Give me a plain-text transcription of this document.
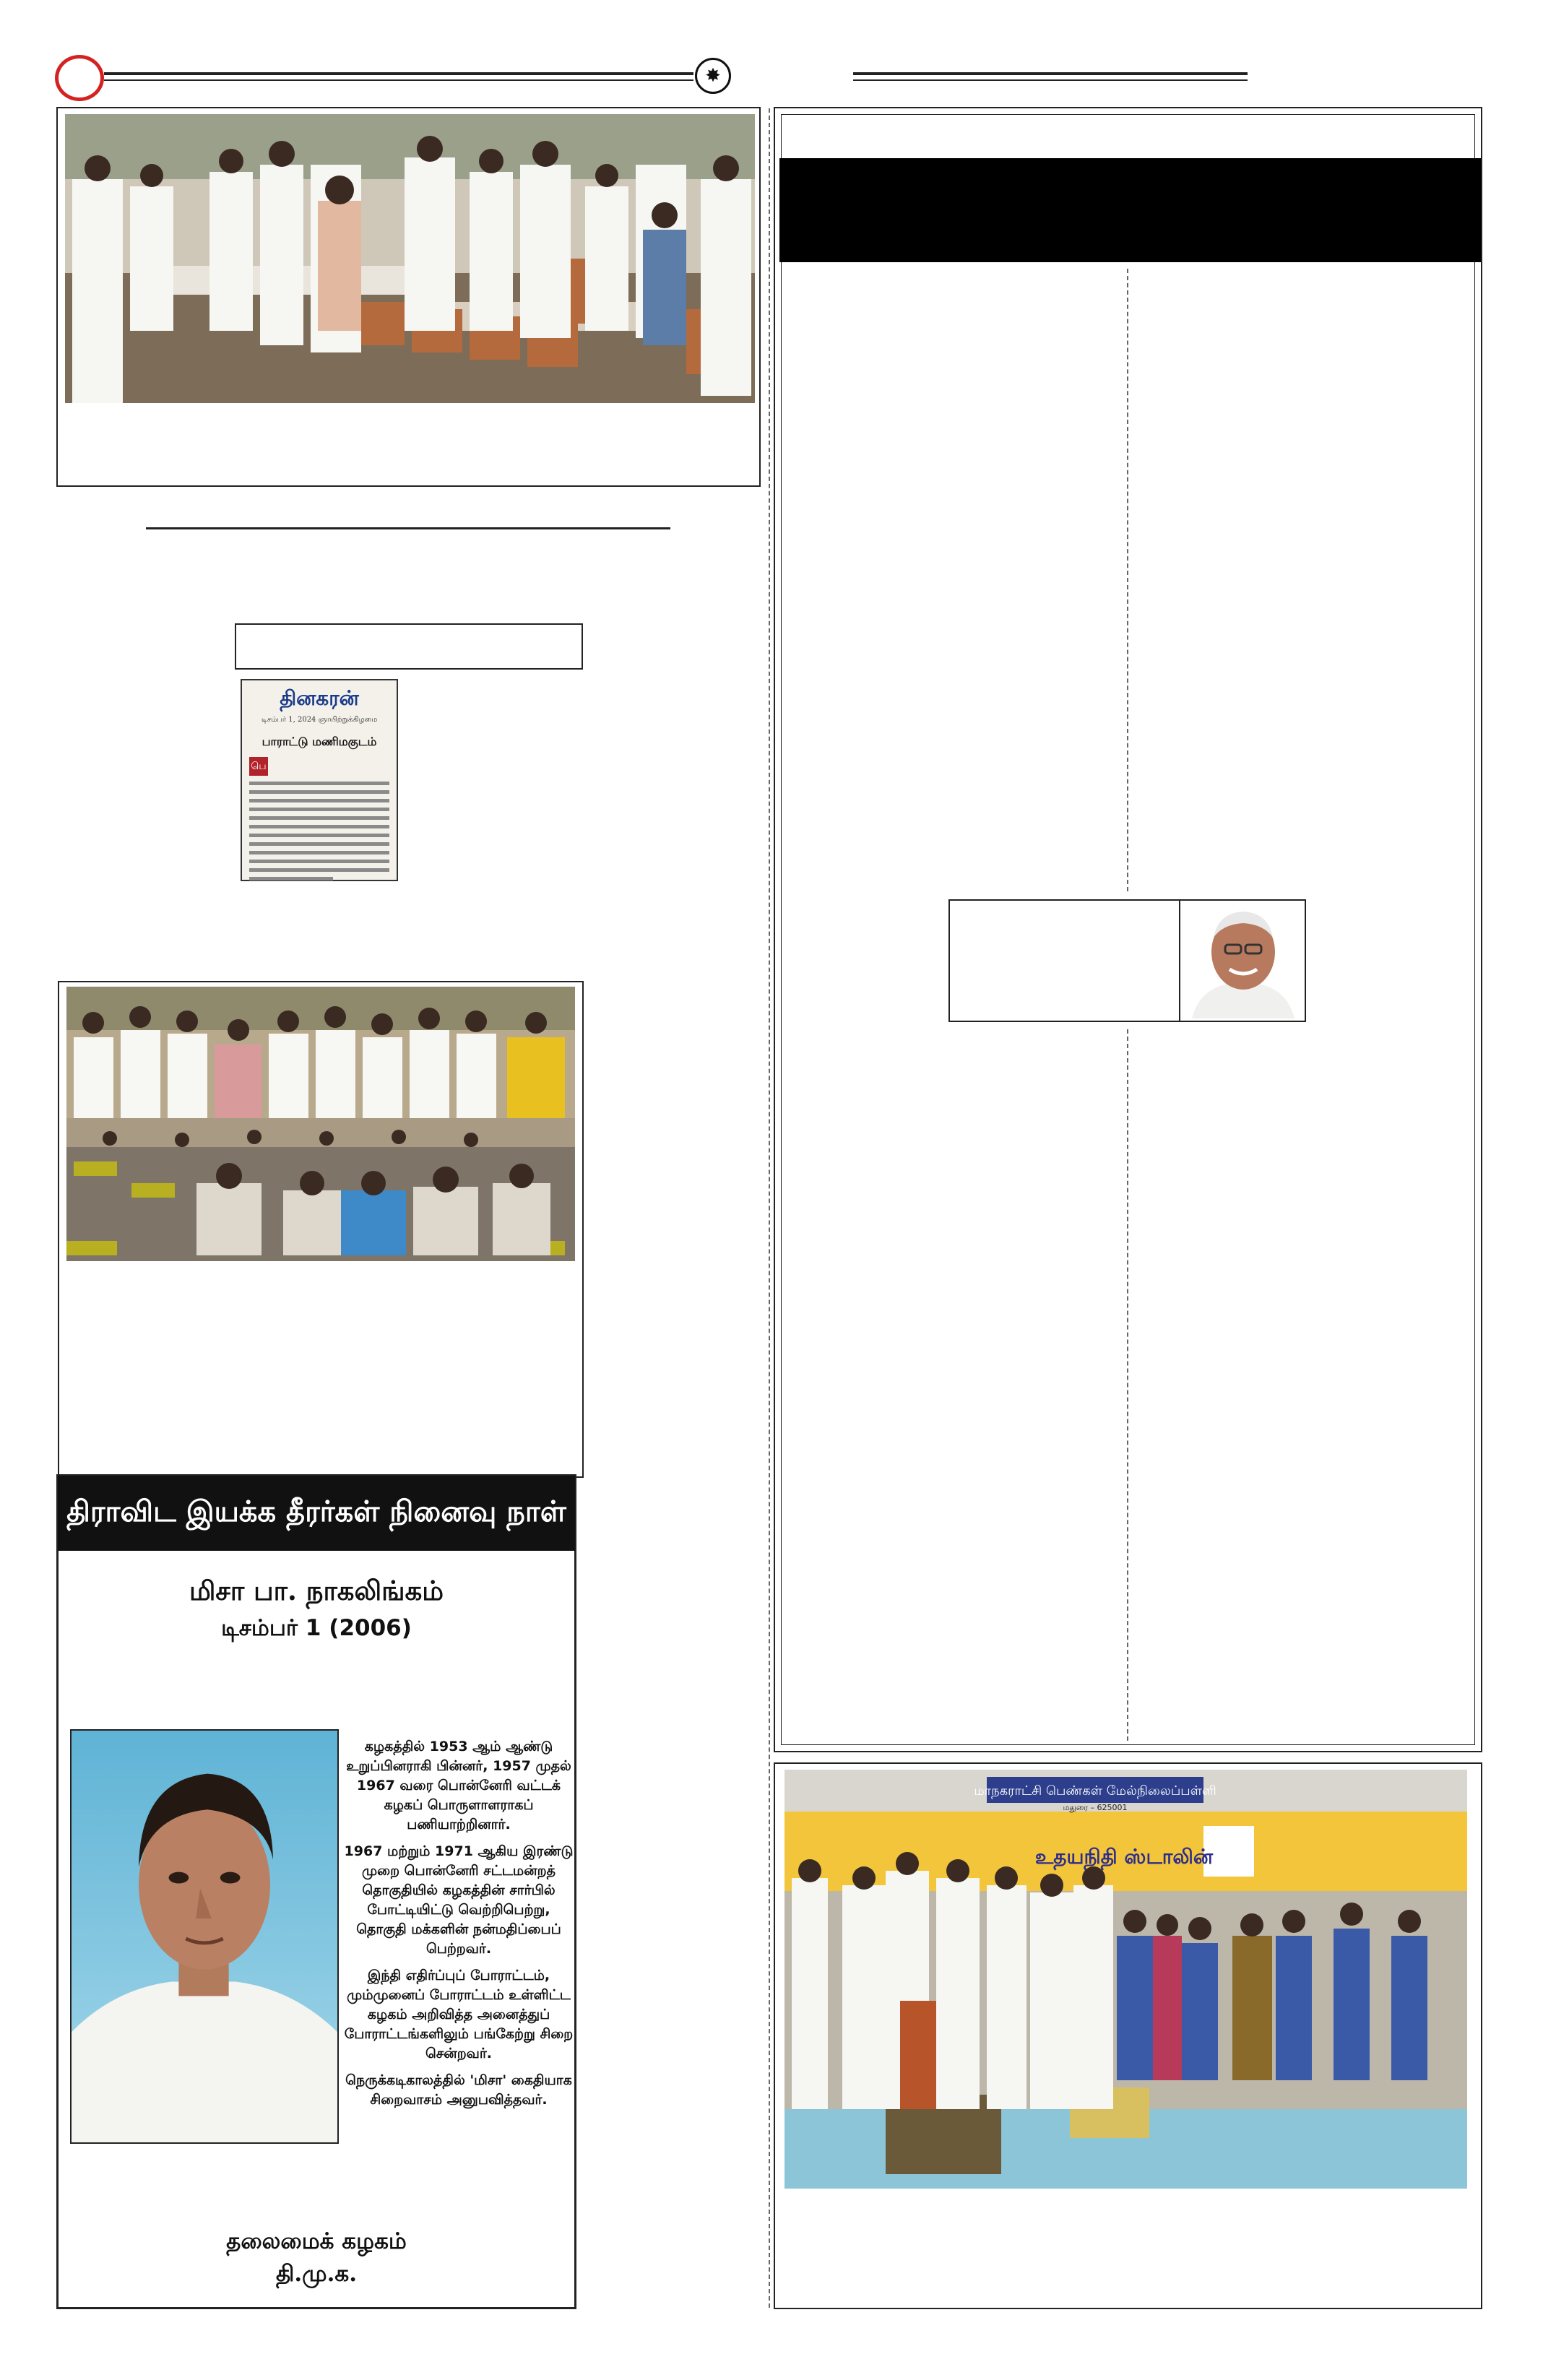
✸
தினகரன்
டிசம்பர் 1, 2024 ஞாயிற்றுக்கிழமை
பாராட்டு மணிமகுடம்
பெ
திராவிட இயக்க தீரர்கள் நினைவு நாள்
மிசா பா. நாகலிங்கம்
டிசம்பர் 1 (2006)

கழகத்தில் 1953 ஆம் ஆண்டு உறுப்பினராகி பின்னர், 1957 முதல் 1967 வரை பொன்னேரி வட்டக் கழகப் பொருளாளராகப் பணியாற்றினார்.

1967 மற்றும் 1971 ஆகிய இரண்டு முறை பொன்னேரி சட்டமன்றத் தொகுதியில் கழகத்தின் சார்பில் போட்டியிட்டு வெற்றிபெற்று, தொகுதி மக்களின் நன்மதிப்பைப் பெற்றவர்.

இந்தி எதிர்ப்புப் போராட்டம், மும்முனைப் போராட்டம் உள்ளிட்ட கழகம் அறிவித்த அனைத்துப் போராட்டங்களிலும் பங்கேற்று சிறை சென்றவர்.

நெருக்கடிகாலத்தில் 'மிசா' கைதியாக சிறைவாசம் அனுபவித்தவர்.

தலைமைக் கழகம்
தி.மு.க.
மாநகராட்சி பெண்கள் மேல்நிலைப்பள்ளி
மதுரை – 625001
உதயநிதி ஸ்டாலின்
